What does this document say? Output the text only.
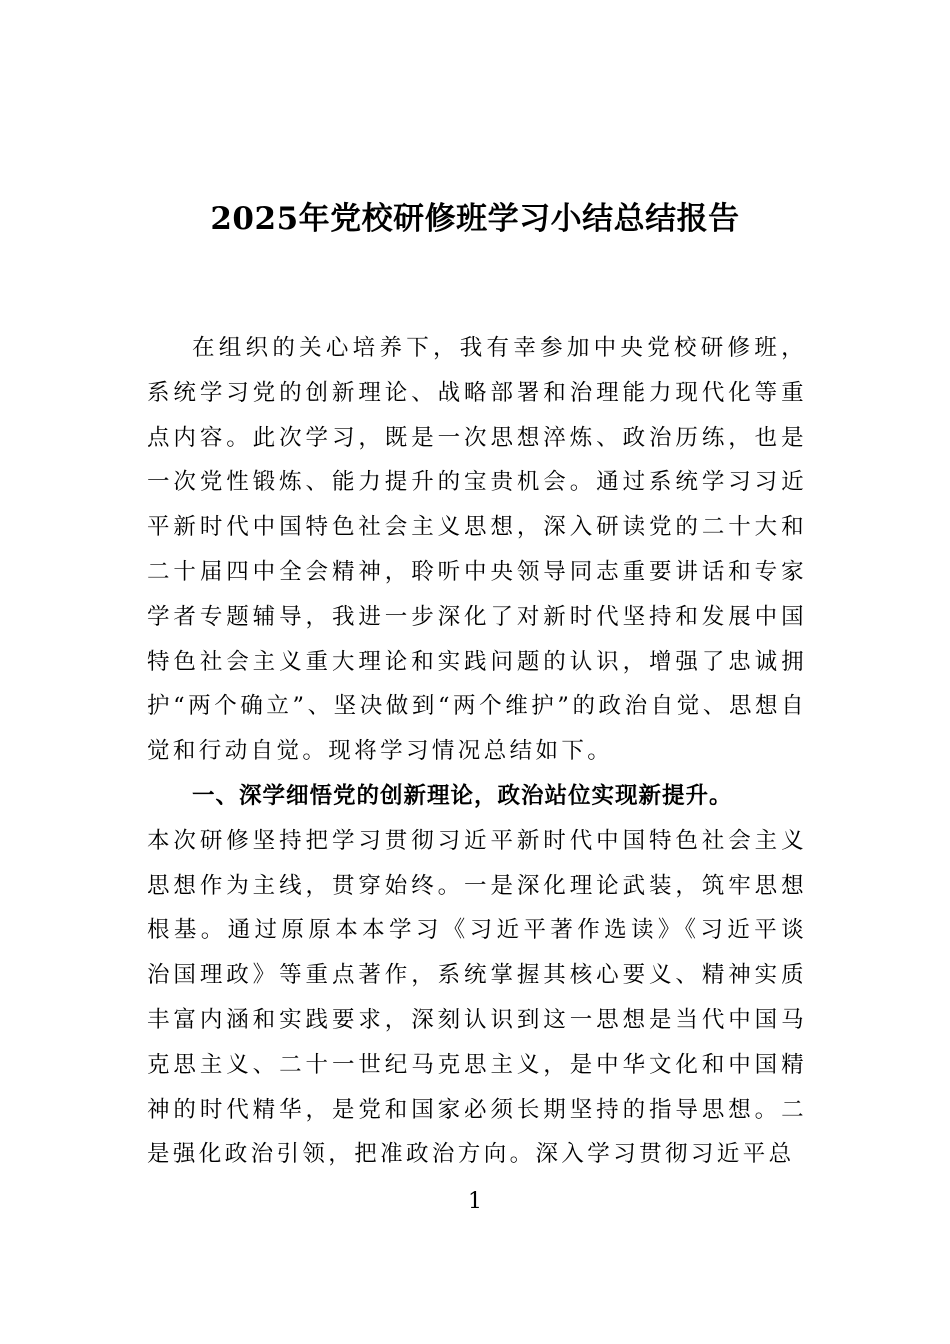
2025年党校研修班学习小结总结报告

在组织的关心培养下，我有幸参加中央党校研修班，系统学习党的创新理论、战略部署和治理能力现代化等重点内容。此次学习，既是一次思想淬炼、政治历练，也是一次党性锻炼、能力提升的宝贵机会。通过系统学习习近平新时代中国特色社会主义思想，深入研读党的二十大和二十届四中全会精神，聆听中央领导同志重要讲话和专家学者专题辅导，我进一步深化了对新时代坚持和发展中国特色社会主义重大理论和实践问题的认识，增强了忠诚拥护“两个确立”、坚决做到“两个维护”的政治自觉、思想自觉和行动自觉。现将学习情况总结如下。

一、深学细悟党的创新理论，政治站位实现新提升。

本次研修坚持把学习贯彻习近平新时代中国特色社会主义思想作为主线，贯穿始终。一是深化理论武装，筑牢思想根基。通过原原本本学习《习近平著作选读》《习近平谈治国理政》等重点著作，系统掌握其核心要义、精神实质丰富内涵和实践要求，深刻认识到这一思想是当代中国马克思主义、二十一世纪马克思主义，是中华文化和中国精神的时代精华，是党和国家必须长期坚持的指导思想。二是强化政治引领，把准政治方向。深入学习贯彻习近平总

1
